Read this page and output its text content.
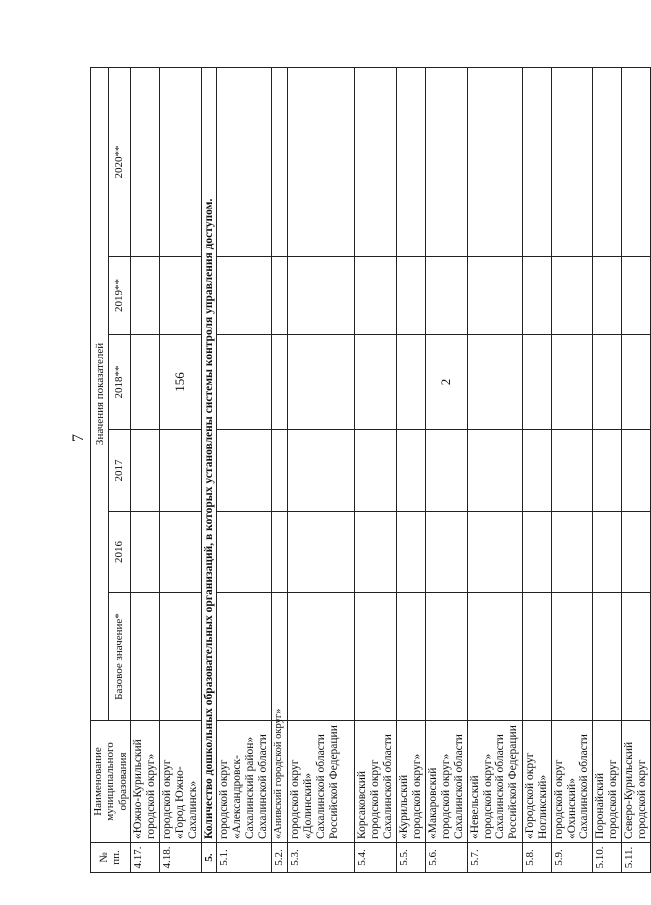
7
№ пп.	Наименование муниципального образования	Значения показателей					
		Базовое значение*	2016	2017	2018**	2019**	2020**
4.17.	«Южно-Курильский городской округ»						
4.18.	городской округ «Город Южно-Сахалинск»				156		
5.	Количество дошкольных образовательных организаций, в которых установлены системы контроля управления доступом.						
5.1.	городской округ «Александровск-Сахалинский район» Сахалинской области						
5.2.	«Анивский городской округ»						
5.3.	городской округ «Долинский» Сахалинской области Российской Федерации						
5.4.	Корсаковский городской округ Сахалинской области						
5.5.	«Курильский городской округ»						
5.6.	«Макаровский городской округ» Сахалинской области				2		
5.7.	«Невельский городской округ» Сахалинской области Российской Федерации						
5.8.	«Городской округ Ногликский»						
5.9.	городской округ «Охинский» Сахалинской области						
5.10.	Поронайский городской округ						
5.11.	Северо-Курильский городской округ						
